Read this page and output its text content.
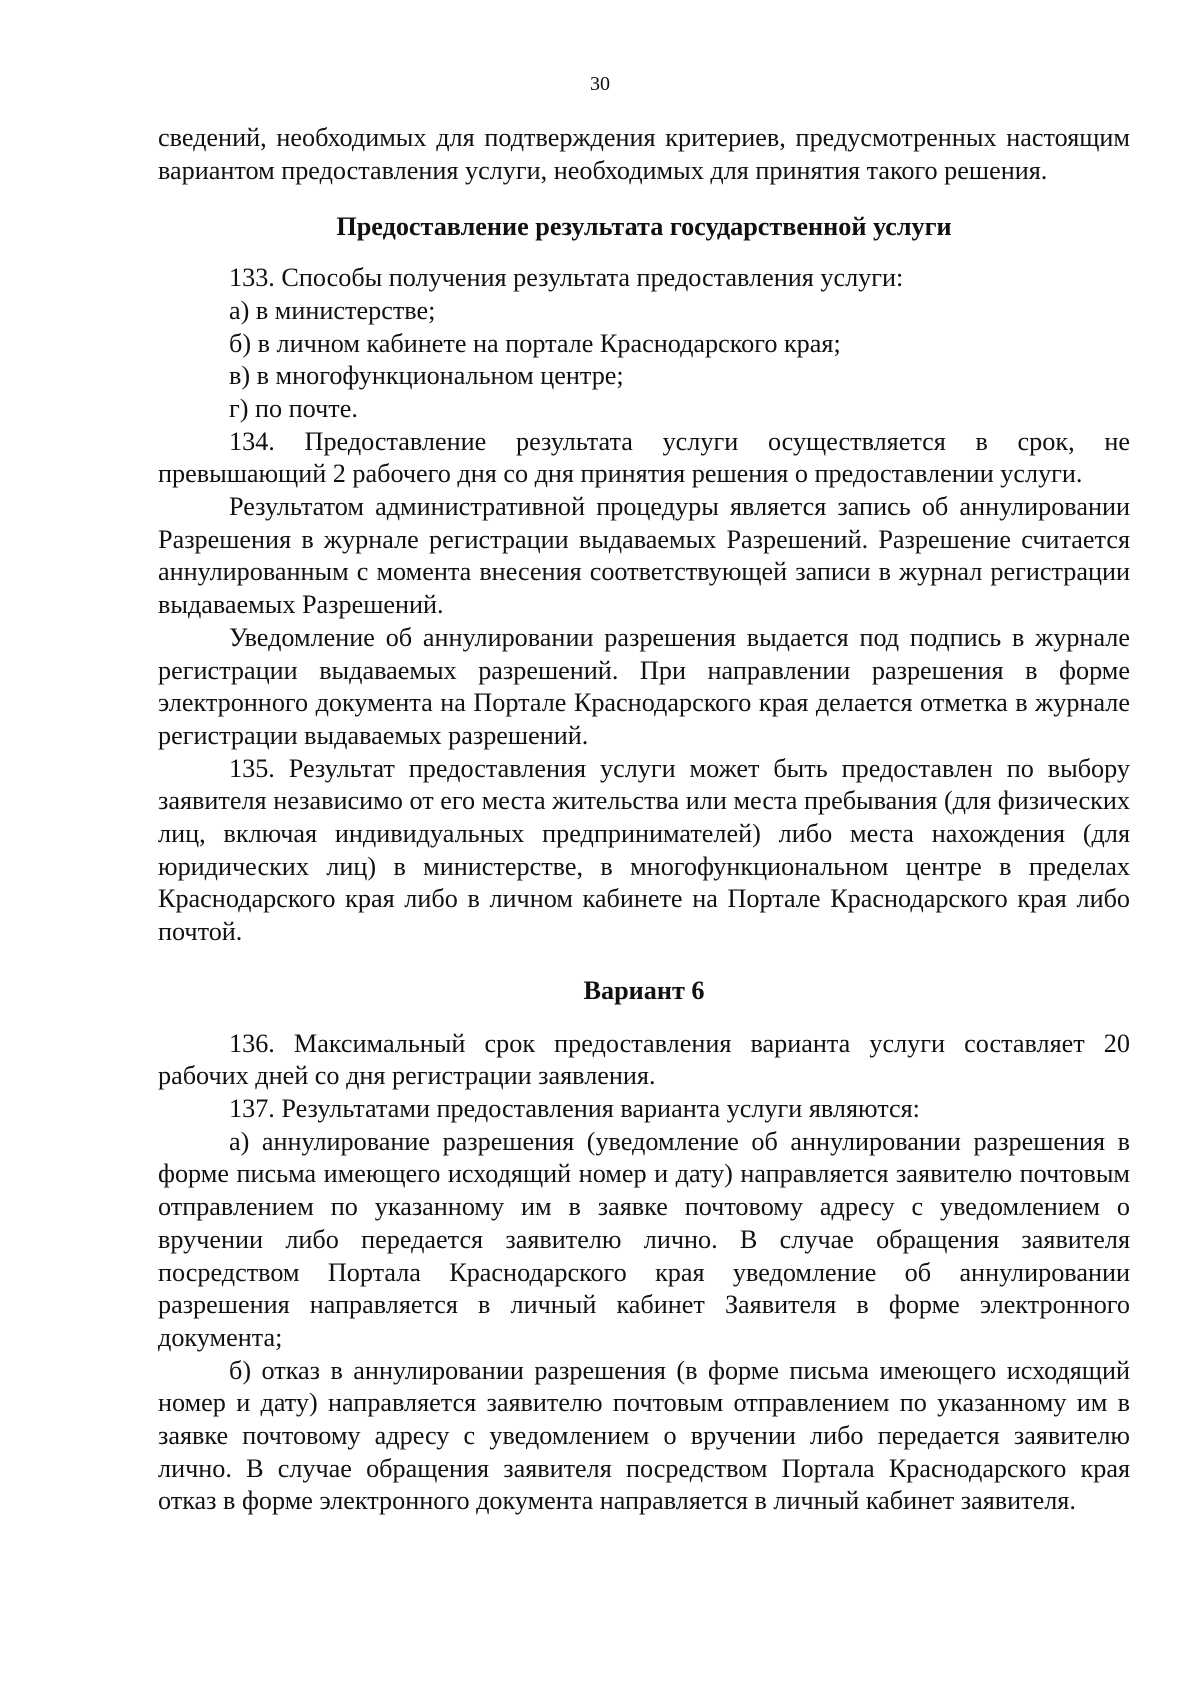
30

сведений, необходимых для подтверждения критериев, предусмотренных настоящим вариантом предоставления услуги, необходимых для принятия такого решения.

Предоставление результата государственной услуги

133. Способы получения результата предоставления услуги:

а) в министерстве;

б) в личном кабинете на портале Краснодарского края;

в) в многофункциональном центре;

г) по почте.

134. Предоставление результата услуги осуществляется в срок, не превышающий 2 рабочего дня со дня принятия решения о предоставлении услуги.

Результатом административной процедуры является запись об аннулировании Разрешения в журнале регистрации выдаваемых Разрешений. Разрешение считается аннулированным с момента внесения соответствующей записи в журнал регистрации выдаваемых Разрешений.

Уведомление об аннулировании разрешения выдается под подпись в журнале регистрации выдаваемых разрешений. При направлении разрешения в форме электронного документа на Портале Краснодарского края делается отметка в журнале регистрации выдаваемых разрешений.

135. Результат предоставления услуги может быть предоставлен по выбору заявителя независимо от его места жительства или места пребывания (для физических лиц, включая индивидуальных предпринимателей) либо места нахождения (для юридических лиц) в министерстве, в многофункциональном центре в пределах Краснодарского края либо в личном кабинете на Портале Краснодарского края либо почтой.

Вариант 6

136. Максимальный срок предоставления варианта услуги составляет 20 рабочих дней со дня регистрации заявления.

137. Результатами предоставления варианта услуги являются:

а) аннулирование разрешения (уведомление об аннулировании разрешения в форме письма имеющего исходящий номер и дату) направляется заявителю почтовым отправлением по указанному им в заявке почтовому адресу с уведомлением о вручении либо передается заявителю лично. В случае обращения заявителя посредством Портала Краснодарского края уведомление об аннулировании разрешения направляется в личный кабинет Заявителя в форме электронного документа;

б) отказ в аннулировании разрешения (в форме письма имеющего исходящий номер и дату) направляется заявителю почтовым отправлением по указанному им в заявке почтовому адресу с уведомлением о вручении либо передается заявителю лично. В случае обращения заявителя посредством Портала Краснодарского края отказ в форме электронного документа направляется в личный кабинет заявителя.
